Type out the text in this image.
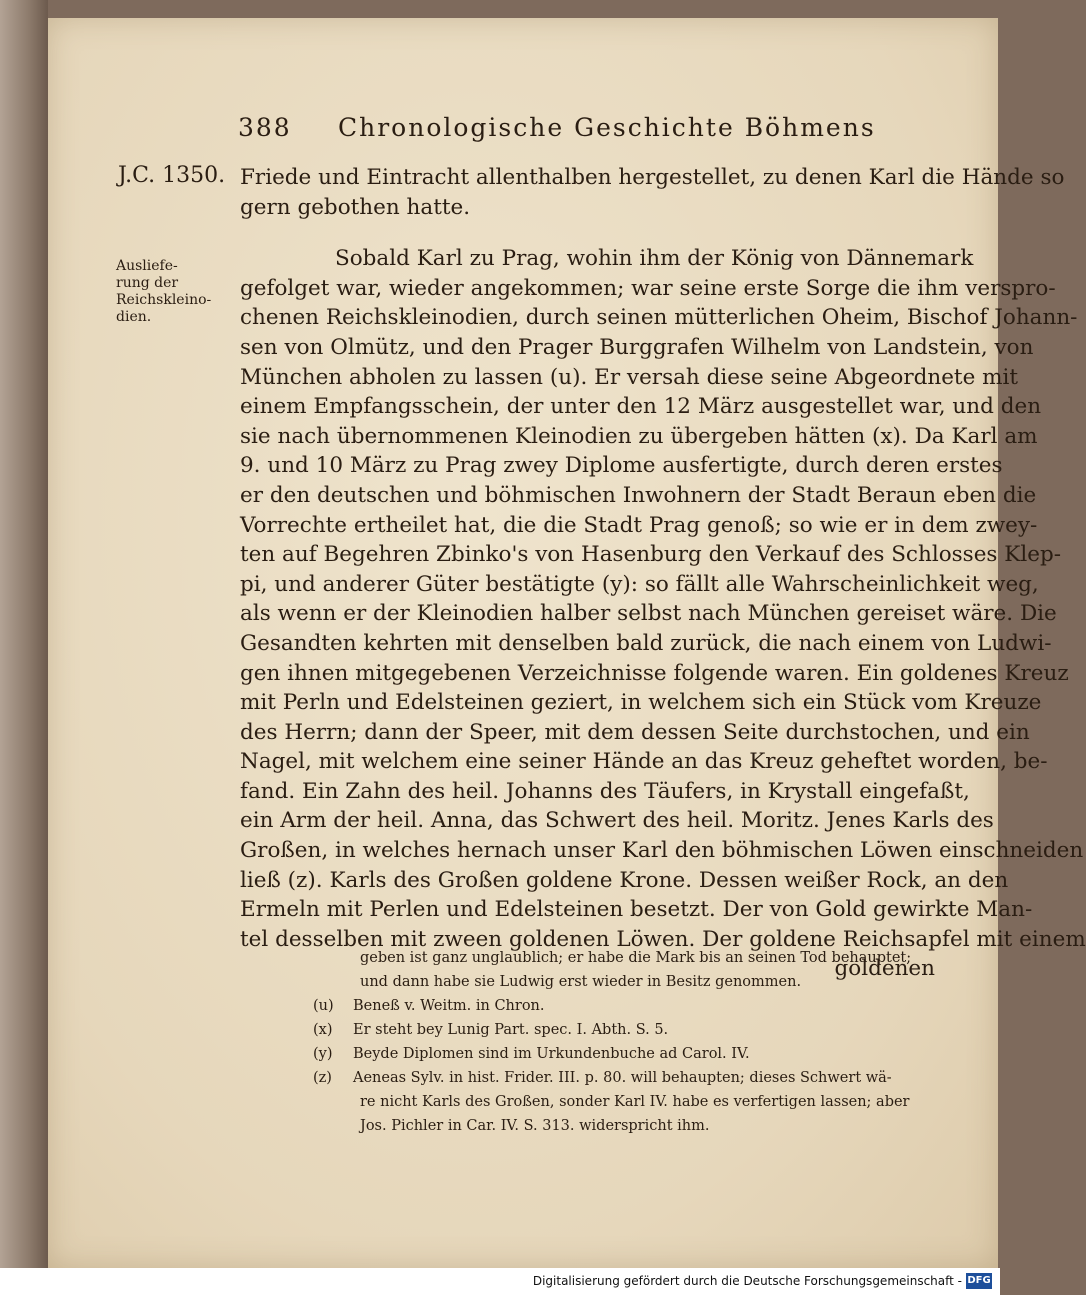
388 Chronologische Geschichte Böhmens
J.C. 1350.
Ausliefe-
rung der
Reichskleino-
dien.
Friede und Eintracht allenthalben hergestellet, zu denen Karl die Hände so
gern gebothen hatte.
Sobald Karl zu Prag, wohin ihm der König von Dännemark
gefolget war, wieder angekommen; war seine erste Sorge die ihm verspro-
chenen Reichskleinodien, durch seinen mütterlichen Oheim, Bischof Johann-
sen von Olmütz, und den Prager Burggrafen Wilhelm von Landstein, von
München abholen zu lassen (u). Er versah diese seine Abgeordnete mit
einem Empfangsschein, der unter den 12 März ausgestellet war, und den
sie nach übernommenen Kleinodien zu übergeben hätten (x). Da Karl am
9. und 10 März zu Prag zwey Diplome ausfertigte, durch deren erstes
er den deutschen und böhmischen Inwohnern der Stadt Beraun eben die
Vorrechte ertheilet hat, die die Stadt Prag genoß; so wie er in dem zwey-
ten auf Begehren Zbinko's von Hasenburg den Verkauf des Schlosses Klep-
pi, und anderer Güter bestätigte (y): so fällt alle Wahrscheinlichkeit weg,
als wenn er der Kleinodien halber selbst nach München gereiset wäre. Die
Gesandten kehrten mit denselben bald zurück, die nach einem von Ludwi-
gen ihnen mitgegebenen Verzeichnisse folgende waren. Ein goldenes Kreuz
mit Perln und Edelsteinen geziert, in welchem sich ein Stück vom Kreuze
des Herrn; dann der Speer, mit dem dessen Seite durchstochen, und ein
Nagel, mit welchem eine seiner Hände an das Kreuz geheftet worden, be-
fand. Ein Zahn des heil. Johanns des Täufers, in Krystall eingefaßt,
ein Arm der heil. Anna, das Schwert des heil. Moritz. Jenes Karls des
Großen, in welches hernach unser Karl den böhmischen Löwen einschneiden
ließ (z). Karls des Großen goldene Krone. Dessen weißer Rock, an den
Ermeln mit Perlen und Edelsteinen besetzt. Der von Gold gewirkte Man-
tel desselben mit zween goldenen Löwen. Der goldene Reichsapfel mit einem
goldenen
geben ist ganz unglaublich; er habe die Mark bis an seinen Tod behauptet;
und dann habe sie Ludwig erst wieder in Besitz genommen.
(u) Beneß v. Weitm. in Chron.
(x) Er steht bey Lunig Part. spec. I. Abth. S. 5.
(y) Beyde Diplomen sind im Urkundenbuche ad Carol. IV.
(z) Aeneas Sylv. in hist. Frider. III. p. 80. will behaupten; dieses Schwert wä-
re nicht Karls des Großen, sonder Karl IV. habe es verfertigen lassen; aber
Jos. Pichler in Car. IV. S. 313. widerspricht ihm.
Digitalisierung gefördert durch die Deutsche Forschungsgemeinschaft - DFG
